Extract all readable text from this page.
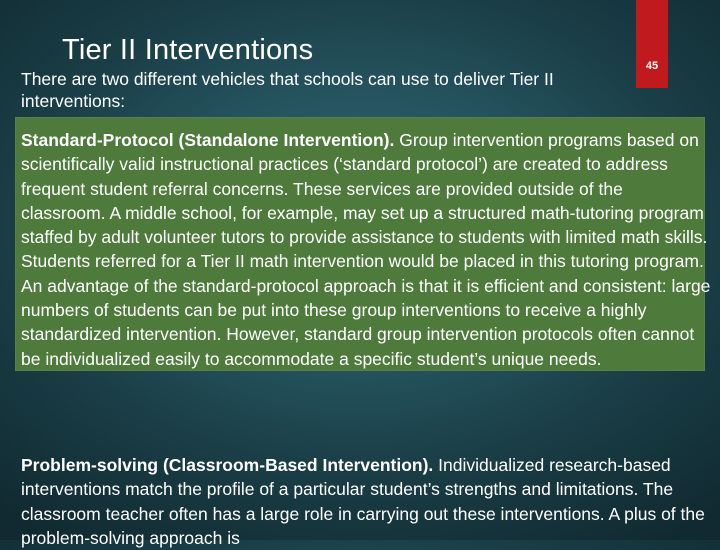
45
Tier II Interventions
There are two different vehicles that schools can use to deliver Tier II interventions:
Standard-Protocol (Standalone Intervention). Group intervention programs based on scientifically valid instructional practices (‘standard protocol’) are created to address frequent student referral concerns. These services are provided outside of the classroom. A middle school, for example, may set up a structured math-tutoring program staffed by adult volunteer tutors to provide assistance to students with limited math skills. Students referred for a Tier II math intervention would be placed in this tutoring program. An advantage of the standard-protocol approach is that it is efficient and consistent: large numbers of students can be put into these group interventions to receive a highly standardized intervention. However, standard group intervention protocols often cannot be individualized easily to accommodate a specific student’s unique needs.
Problem-solving (Classroom-Based Intervention). Individualized research-based interventions match the profile of a particular student’s strengths and limitations. The classroom teacher often has a large role in carrying out these interventions. A plus of the problem-solving approach is
